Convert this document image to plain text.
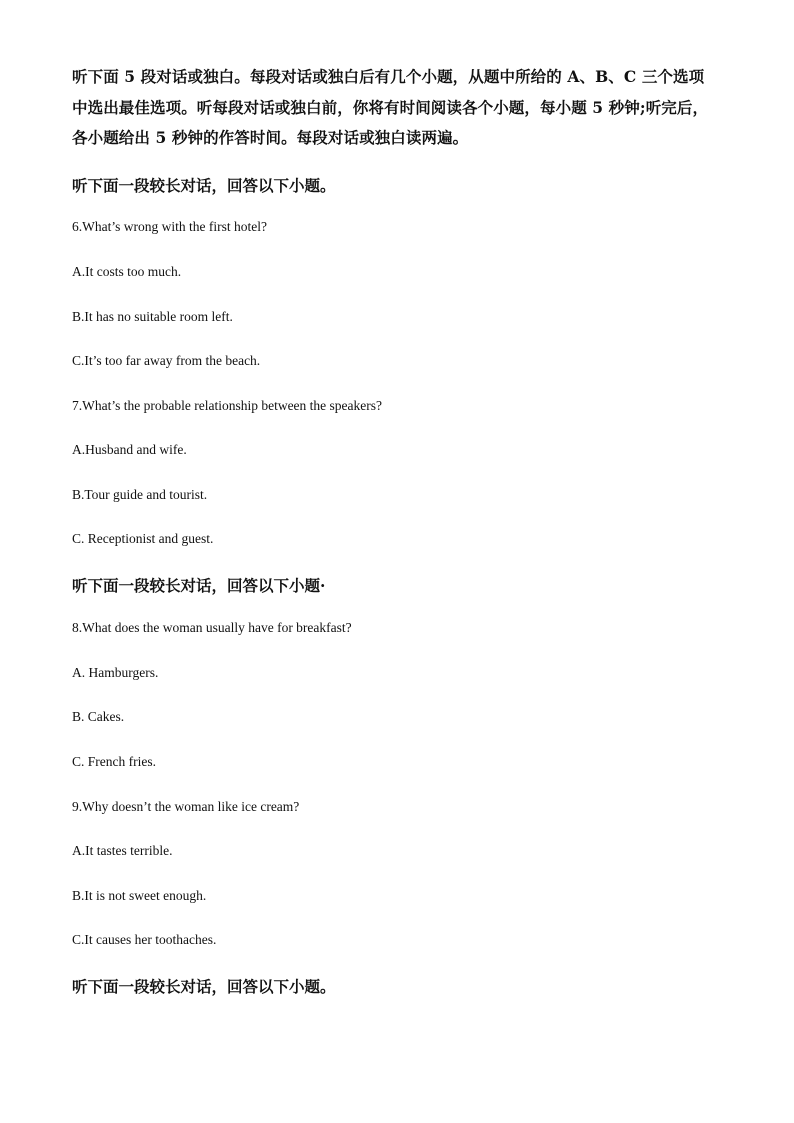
听下面 5 段对话或独白。每段对话或独白后有几个小题，从题中所给的 A、B、C 三个选项
中选出最佳选项。听每段对话或独白前，你将有时间阅读各个小题，每小题 5 秒钟;听完后，
各小题给出 5 秒钟的作答时间。每段对话或独白读两遍。
听下面一段较长对话，回答以下小题。
6.What’s wrong with the first hotel?
A.It costs too much.
B.It has no suitable room left.
C.It’s too far away from the beach.
7.What’s the probable relationship between the speakers?
A.Husband and wife.
B.Tour guide and tourist.
C. Receptionist and guest.
听下面一段较长对话，回答以下小题·
8.What does the woman usually have for breakfast?
A. Hamburgers.
B. Cakes.
C. French fries.
9.Why doesn’t the woman like ice cream?
A.It tastes terrible.
B.It is not sweet enough.
C.It causes her toothaches.
听下面一段较长对话，回答以下小题。
